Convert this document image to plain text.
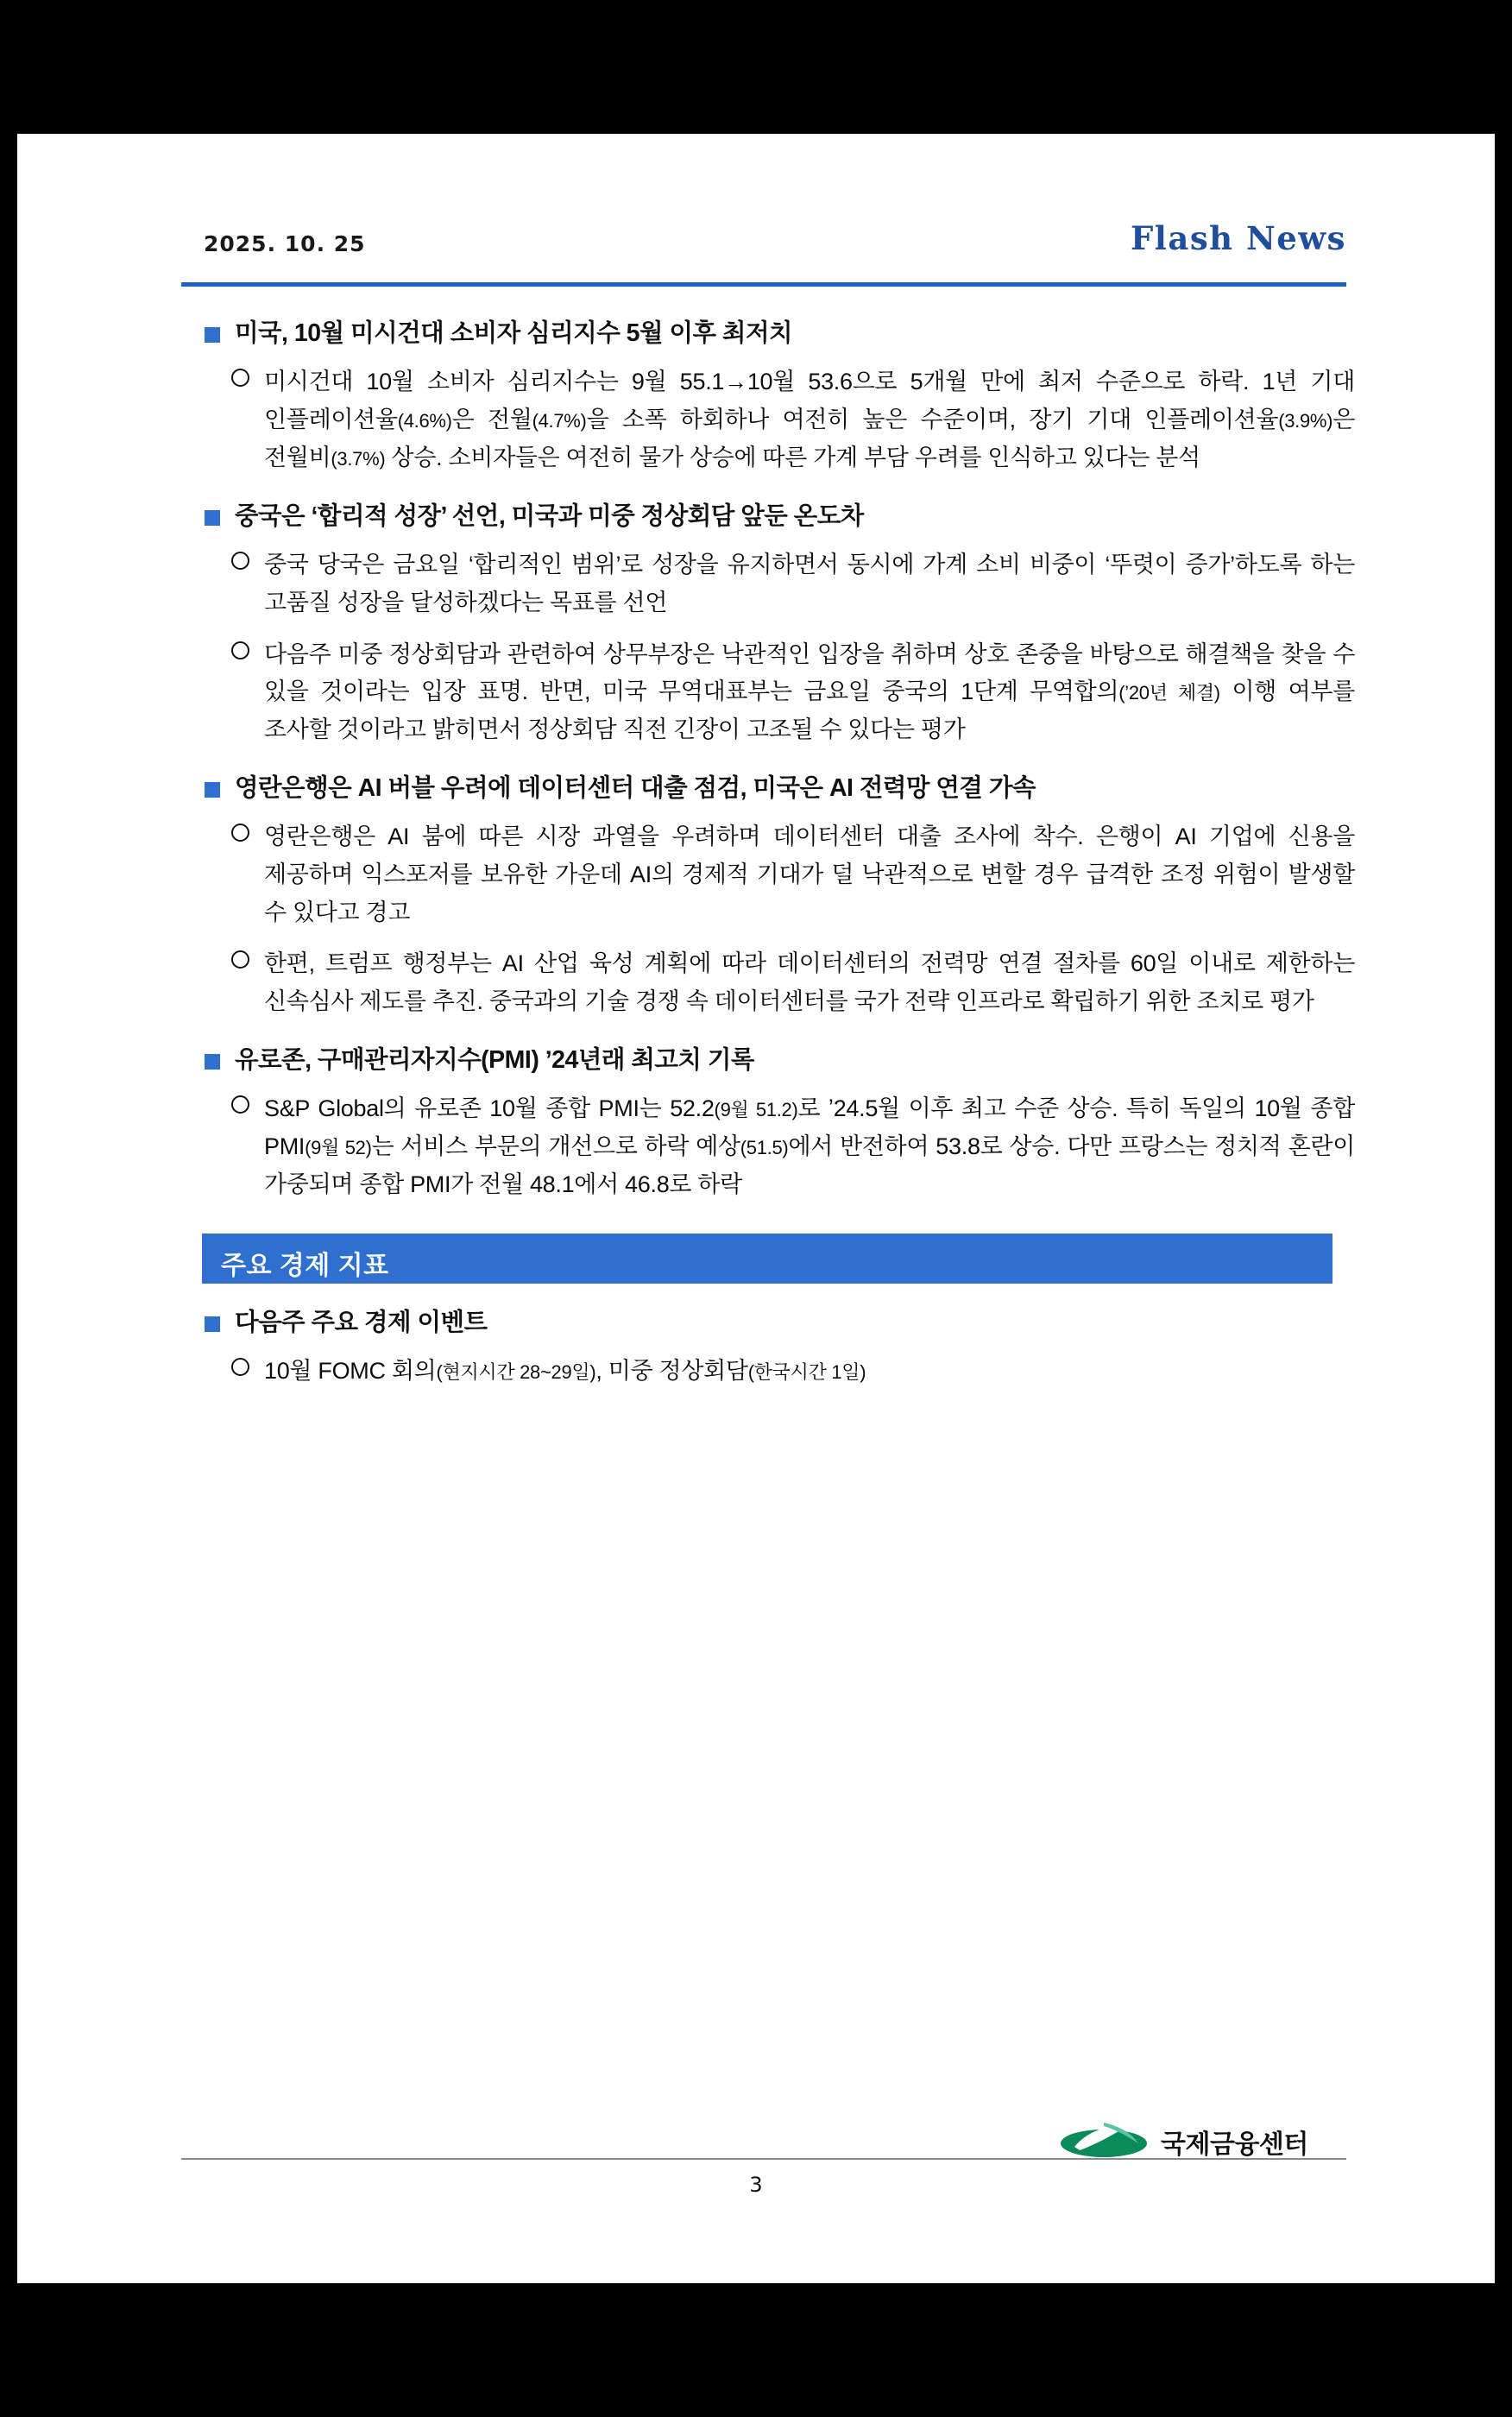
2025. 10. 25	Flash News
미국, 10월 미시건대 소비자 심리지수 5월 이후 최저치
미시건대 10월 소비자 심리지수는 9월 55.1→10월 53.6으로 5개월 만에 최저 수준으로 하락. 1년 기대 인플레이션율(4.6%)은 전월(4.7%)을 소폭 하회하나 여전히 높은 수준이며, 장기 기대 인플레이션율(3.9%)은 전월비(3.7%) 상승. 소비자들은 여전히 물가 상승에 따른 가계 부담 우려를 인식하고 있다는 분석
중국은 ‘합리적 성장’ 선언, 미국과 미중 정상회담 앞둔 온도차
중국 당국은 금요일 ‘합리적인 범위’로 성장을 유지하면서 동시에 가계 소비 비중이 ‘뚜렷이 증가’하도록 하는 고품질 성장을 달성하겠다는 목표를 선언
다음주 미중 정상회담과 관련하여 상무부장은 낙관적인 입장을 취하며 상호 존중을 바탕으로 해결책을 찾을 수 있을 것이라는 입장 표명. 반면, 미국 무역대표부는 금요일 중국의 1단계 무역합의(’20년 체결) 이행 여부를 조사할 것이라고 밝히면서 정상회담 직전 긴장이 고조될 수 있다는 평가
영란은행은 AI 버블 우려에 데이터센터 대출 점검, 미국은 AI 전력망 연결 가속
영란은행은 AI 붐에 따른 시장 과열을 우려하며 데이터센터 대출 조사에 착수. 은행이 AI 기업에 신용을 제공하며 익스포저를 보유한 가운데 AI의 경제적 기대가 덜 낙관적으로 변할 경우 급격한 조정 위험이 발생할 수 있다고 경고
한편, 트럼프 행정부는 AI 산업 육성 계획에 따라 데이터센터의 전력망 연결 절차를 60일 이내로 제한하는 신속심사 제도를 추진. 중국과의 기술 경쟁 속 데이터센터를 국가 전략 인프라로 확립하기 위한 조치로 평가
유로존, 구매관리자지수(PMI) ʼ24년래 최고치 기록
S&P Global의 유로존 10월 종합 PMI는 52.2(9월 51.2)로 ʼ24.5월 이후 최고 수준 상승. 특히 독일의 10월 종합 PMI(9월 52)는 서비스 부문의 개선으로 하락 예상(51.5)에서 반전하여 53.8로 상승. 다만 프랑스는 정치적 혼란이 가중되며 종합 PMI가 전월 48.1에서 46.8로 하락
주요 경제 지표
다음주 주요 경제 이벤트
10월 FOMC 회의(현지시간 28~29일), 미중 정상회담(한국시간 1일)
3
국제금융센터
